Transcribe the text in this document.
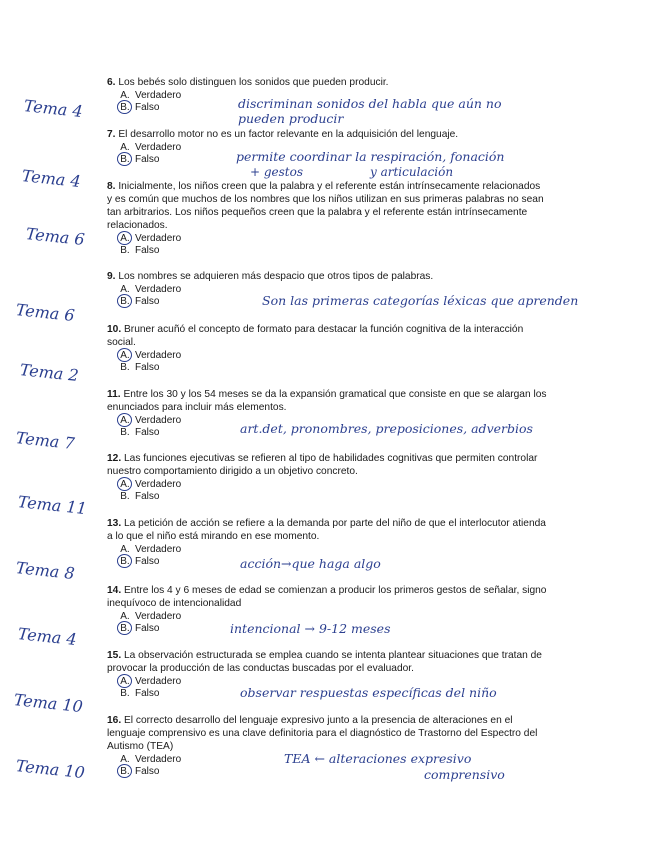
6. Los bebés solo distinguen los sonidos que pueden producir.

A. Verdadero
B. Falso

7. El desarrollo motor no es un factor relevante en la adquisición del lenguaje.

A. Verdadero
B. Falso

8. Inicialmente, los niños creen que la palabra y el referente están intrínsecamente relacionados y es común que muchos de los nombres que los niños utilizan en sus primeras palabras no sean tan arbitrarios. Los niños pequeños creen que la palabra y el referente están intrínsecamente relacionados.

A. Verdadero
B. Falso

9. Los nombres se adquieren más despacio que otros tipos de palabras.

A. Verdadero
B. Falso

10. Bruner acuñó el concepto de formato para destacar la función cognitiva de la interacción social.

A. Verdadero
B. Falso

11. Entre los 30 y los 54 meses se da la expansión gramatical que consiste en que se alargan los enunciados para incluir más elementos.

A. Verdadero
B. Falso

12. Las funciones ejecutivas se refieren al tipo de habilidades cognitivas que permiten controlar nuestro comportamiento dirigido a un objetivo concreto.

A. Verdadero
B. Falso

13. La petición de acción se refiere a la demanda por parte del niño de que el interlocutor atienda a lo que el niño está mirando en ese momento.

A. Verdadero
B. Falso

14. Entre los 4 y 6 meses de edad se comienzan a producir los primeros gestos de señalar, signo inequívoco de intencionalidad

A. Verdadero
B. Falso

15. La observación estructurada se emplea cuando se intenta plantear situaciones que tratan de provocar la producción de las conductas buscadas por el evaluador.

A. Verdadero
B. Falso

16. El correcto desarrollo del lenguaje expresivo junto a la presencia de alteraciones en el lenguaje comprensivo es una clave definitoria para el diagnóstico de Trastorno del Espectro del Autismo (TEA)

A. Verdadero
B. Falso
Tema 4
Tema 4
Tema 6
Tema 6
Tema 2
Tema 7
Tema 11
Tema 8
Tema 4
Tema 10
Tema 10
discriminan sonidos del habla que aún no pueden producir
permite coordinar la respiración, fonación
+ gestos	y articulación
Son las primeras categorías léxicas que aprenden
art.det, pronombres, preposiciones, adverbios
acción→que haga algo
intencional → 9-12 meses
observar respuestas específicas del niño
TEA ← alteraciones expresivo
comprensivo
